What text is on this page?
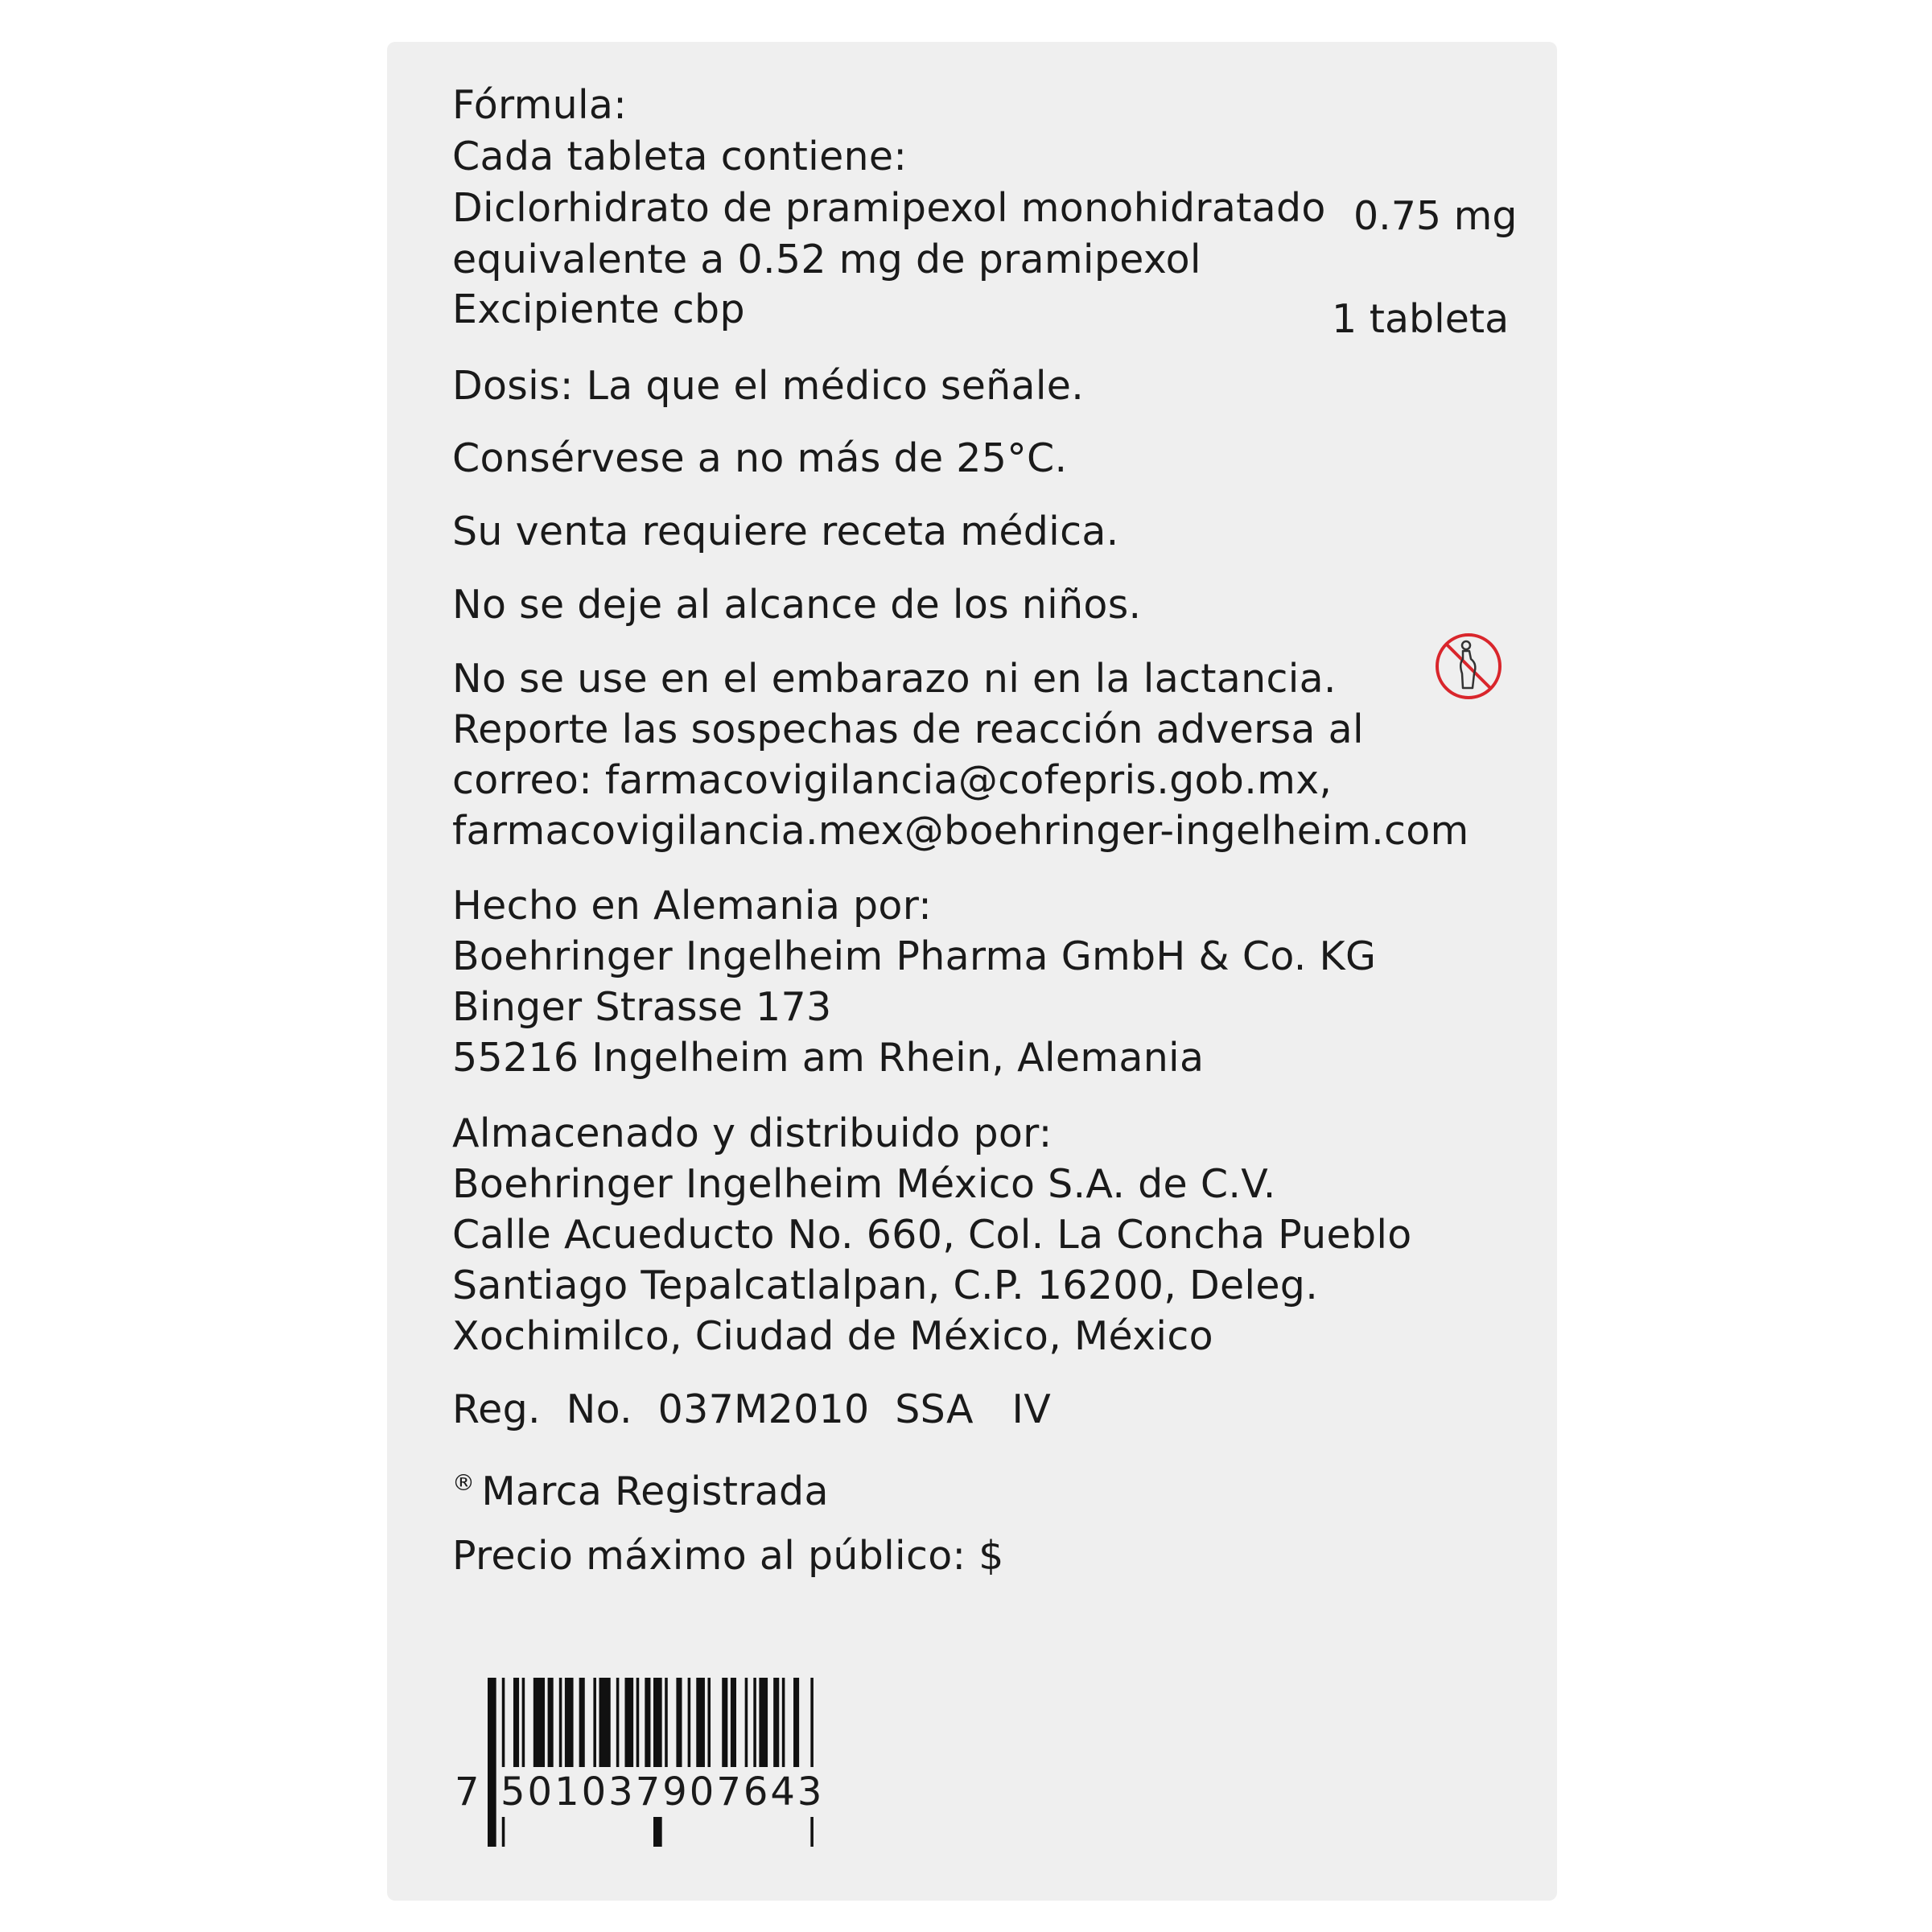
Fórmula:
Cada tableta contiene:
Diclorhidrato de pramipexol monohidratado 0.75 mg
equivalente a 0.52 mg de pramipexol
Excipiente cbp	1 tableta
Dosis: La que el médico señale.
Consérvese a no más de 25°C.
Su venta requiere receta médica.
No se deje al alcance de los niños.
No se use en el embarazo ni en la lactancia.
Reporte las sospechas de reacción adversa al
correo: farmacovigilancia@cofepris.gob.mx,
farmacovigilancia.mex@boehringer-ingelheim.com
Hecho en Alemania por:
Boehringer Ingelheim Pharma GmbH & Co. KG
Binger Strasse 173
55216 Ingelheim am Rhein, Alemania
Almacenado y distribuido por:
Boehringer Ingelheim México S.A. de C.V.
Calle Acueducto No. 660, Col. La Concha Pueblo
Santiago Tepalcatlalpan, C.P. 16200, Deleg.
Xochimilco, Ciudad de México, México
Reg.  No.  037M2010  SSA   IV
® Marca Registrada
Precio máximo al público: $
7 501037907643
